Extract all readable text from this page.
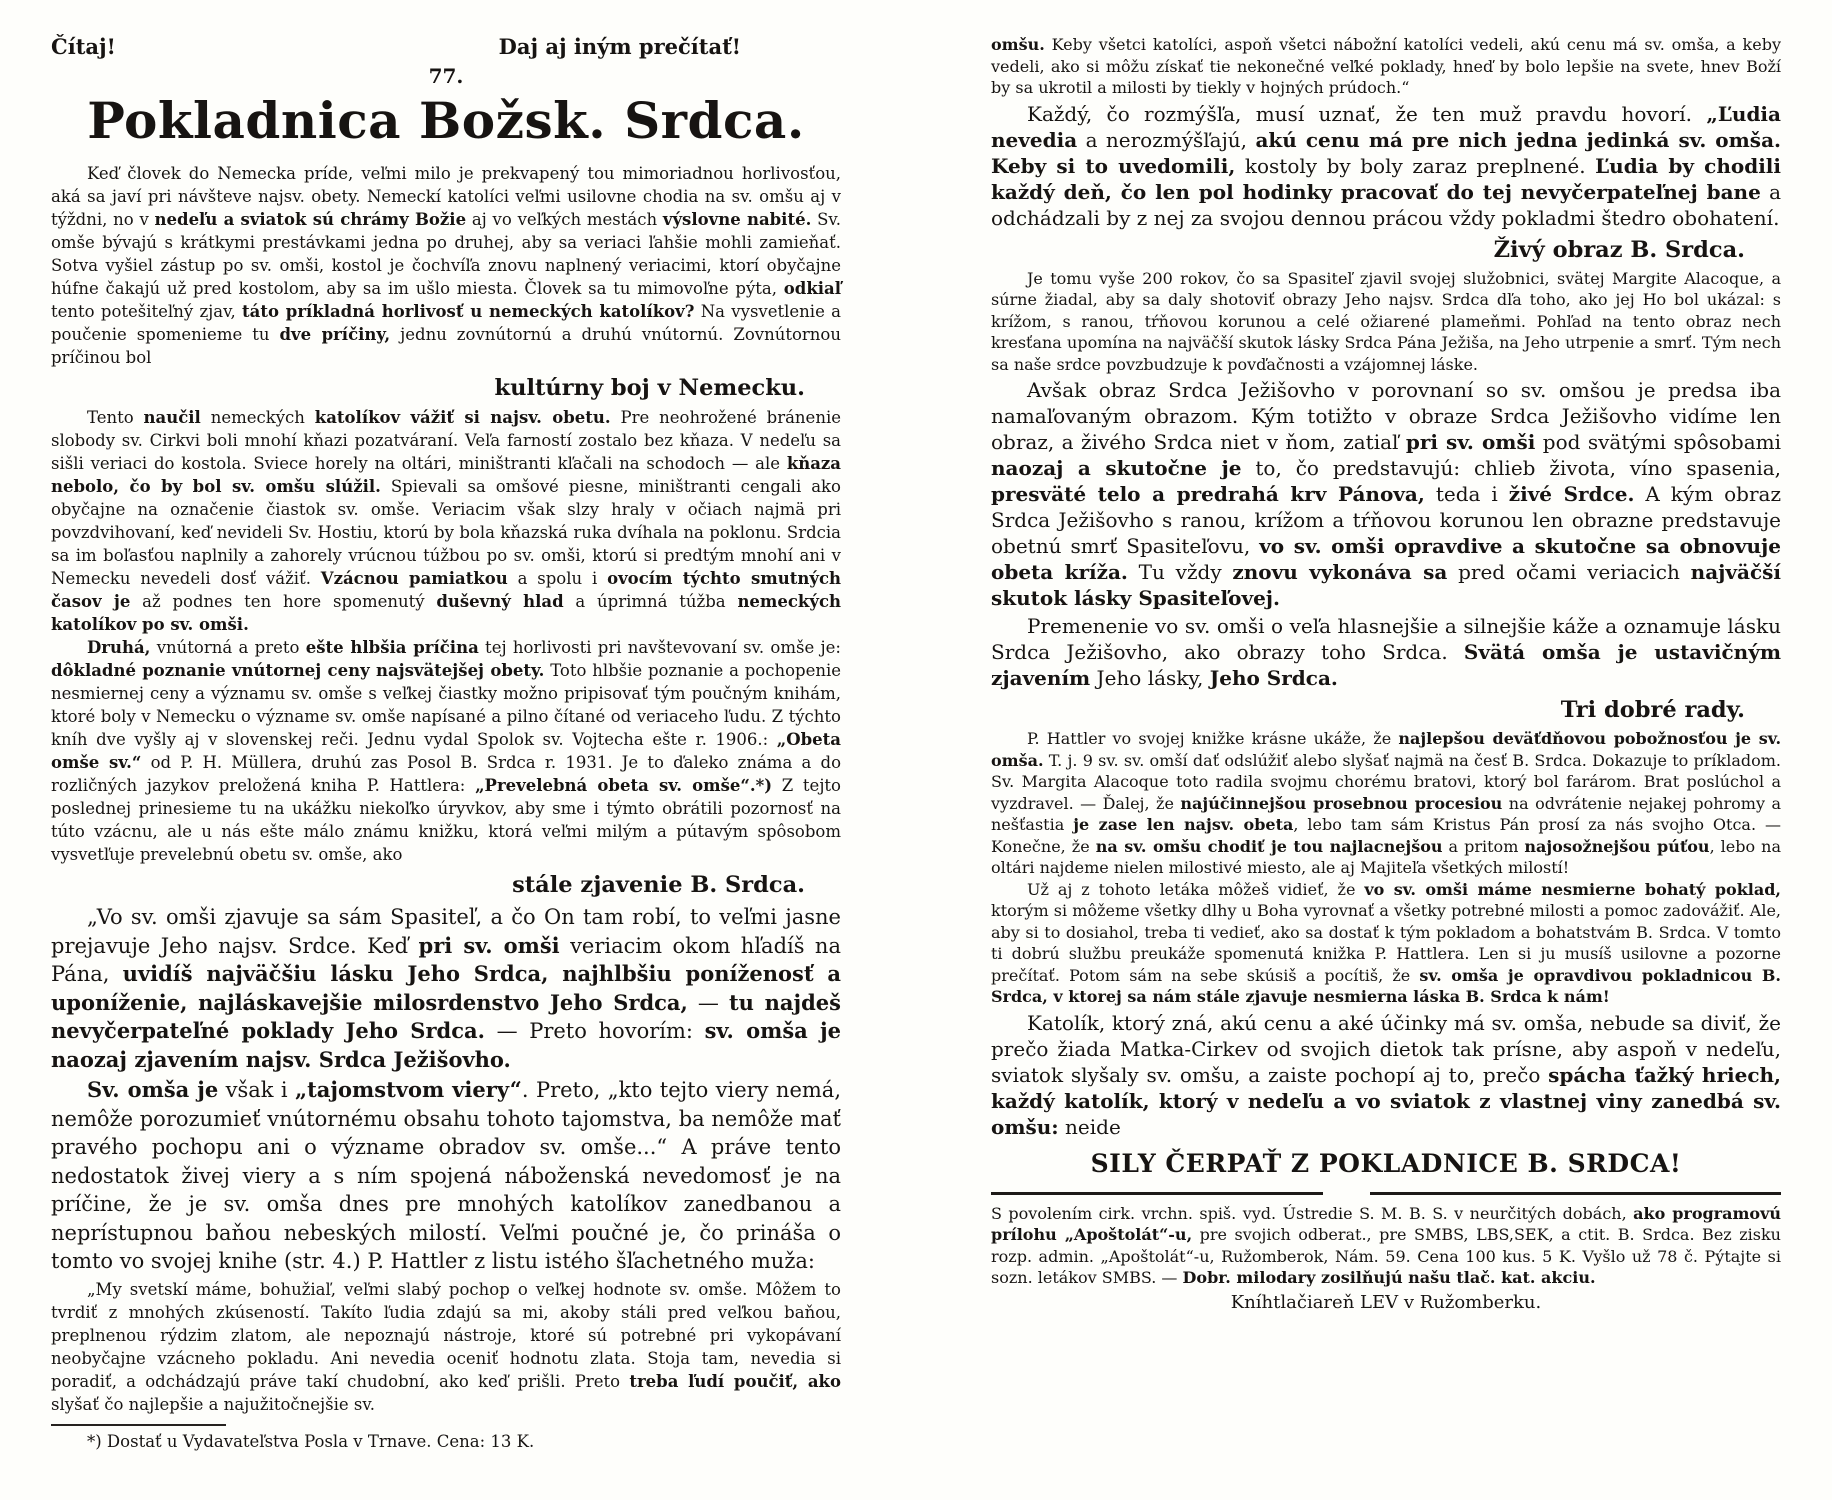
Čítaj!	Daj aj iným prečítať!
77.
Pokladnica Božsk. Srdca.

Keď človek do Nemecka príde, veľmi milo je prekvapený tou mimoriadnou horlivosťou, aká sa javí pri návšteve najsv. obety. Nemeckí katolíci veľmi usilovne chodia na sv. omšu aj v týždni, no v nedeľu a sviatok sú chrámy Božie aj vo veľkých mestách výslovne nabité. Sv. omše bývajú s krátkymi prestávkami jedna po druhej, aby sa veriaci ľahšie mohli zamieňať. Sotva vyšiel zástup po sv. omši, kostol je čochvíľa znovu naplnený veriacimi, ktorí obyčajne húfne čakajú už pred kostolom, aby sa im ušlo miesta. Človek sa tu mimovoľne pýta, odkiaľ tento potešiteľný zjav, táto príkladná horlivosť u nemeckých katolíkov? Na vysvetlenie a poučenie spomenieme tu dve príčiny, jednu zovnútornú a druhú vnútornú. Zovnútornou príčinou bol

kultúrny boj v Nemecku.

Tento naučil nemeckých katolíkov vážiť si najsv. obetu. Pre neohrožené bránenie slobody sv. Cirkvi boli mnohí kňazi pozatváraní. Veľa farností zostalo bez kňaza. V nedeľu sa sišli veriaci do kostola. Sviece horely na oltári, miništranti kľačali na schodoch — ale kňaza nebolo, čo by bol sv. omšu slúžil. Spievali sa omšové piesne, miništranti cengali ako obyčajne na označenie čiastok sv. omše. Veriacim však slzy hraly v očiach najmä pri povzdvihovaní, keď nevideli Sv. Hostiu, ktorú by bola kňazská ruka dvíhala na poklonu. Srdcia sa im boľasťou naplnily a zahorely vrúcnou túžbou po sv. omši, ktorú si predtým mnohí ani v Nemecku nevedeli dosť vážiť. Vzácnou pamiatkou a spolu i ovocím týchto smutných časov je až podnes ten hore spomenutý duševný hlad a úprimná túžba nemeckých katolíkov po sv. omši.

Druhá, vnútorná a preto ešte hlbšia príčina tej horlivosti pri navštevovaní sv. omše je: dôkladné poznanie vnútornej ceny najsvätejšej obety. Toto hlbšie poznanie a pochopenie nesmiernej ceny a významu sv. omše s veľkej čiastky možno pripisovať tým poučným knihám, ktoré boly v Nemecku o význame sv. omše napísané a pilno čítané od veriaceho ľudu. Z týchto kníh dve vyšly aj v slovenskej reči. Jednu vydal Spolok sv. Vojtecha ešte r. 1906.: „Obeta omše sv.“ od P. H. Müllera, druhú zas Posol B. Srdca r. 1931. Je to ďaleko známa a do rozličných jazykov preložená kniha P. Hattlera: „Prevelebná obeta sv. omše“.*) Z tejto poslednej prinesieme tu na ukážku niekoľko úryvkov, aby sme i týmto obrátili pozornosť na túto vzácnu, ale u nás ešte málo známu knižku, ktorá veľmi milým a pútavým spôsobom vysvetľuje prevelebnú obetu sv. omše, ako

stále zjavenie B. Srdca.

„Vo sv. omši zjavuje sa sám Spasiteľ, a čo On tam robí, to veľmi jasne prejavuje Jeho najsv. Srdce. Keď pri sv. omši veriacim okom hľadíš na Pána, uvidíš najväčšiu lásku Jeho Srdca, najhlbšiu poníženosť a uponíženie, najláskavejšie milosrdenstvo Jeho Srdca, — tu najdeš nevyčerpateľné poklady Jeho Srdca. — Preto hovorím: sv. omša je naozaj zjavením najsv. Srdca Ježišovho.

Sv. omša je však i „tajomstvom viery“. Preto, „kto tejto viery nemá, nemôže porozumieť vnútornému obsahu tohoto tajomstva, ba nemôže mať pravého pochopu ani o význame obradov sv. omše...“ A práve tento nedostatok živej viery a s ním spojená náboženská nevedomosť je na príčine, že je sv. omša dnes pre mnohých katolíkov zanedbanou a neprístupnou baňou nebeských milostí. Veľmi poučné je, čo prináša o tomto vo svojej knihe (str. 4.) P. Hattler z listu istého šľachetného muža:

„My svetskí máme, bohužiaľ, veľmi slabý pochop o veľkej hodnote sv. omše. Môžem to tvrdiť z mnohých zkúseností. Takíto ľudia zdajú sa mi, akoby stáli pred veľkou baňou, preplnenou rýdzim zlatom, ale nepoznajú nástroje, ktoré sú potrebné pri vykopávaní neobyčajne vzácneho pokladu. Ani nevedia oceniť hodnotu zlata. Stoja tam, nevedia si poradiť, a odchádzajú práve takí chudobní, ako keď prišli. Preto treba ľudí poučiť, ako slyšať čo najlepšie a najužitočnejšie sv.

*) Dostať u Vydavateľstva Posla v Trnave. Cena: 13 K.

omšu. Keby všetci katolíci, aspoň všetci nábožní katolíci vedeli, akú cenu má sv. omša, a keby vedeli, ako si môžu získať tie nekonečné veľké poklady, hneď by bolo lepšie na svete, hnev Boží by sa ukrotil a milosti by tiekly v hojných prúdoch.“

Každý, čo rozmýšľa, musí uznať, že ten muž pravdu hovorí. „Ľudia nevedia a nerozmýšľajú, akú cenu má pre nich jedna jedinká sv. omša. Keby si to uvedomili, kostoly by boly zaraz preplnené. Ľudia by chodili každý deň, čo len pol hodinky pracovať do tej nevyčerpateľnej bane a odchádzali by z nej za svojou dennou prácou vždy pokladmi štedro obohatení.

Živý obraz B. Srdca.

Je tomu vyše 200 rokov, čo sa Spasiteľ zjavil svojej služobnici, svätej Margite Alacoque, a súrne žiadal, aby sa daly shotoviť obrazy Jeho najsv. Srdca dľa toho, ako jej Ho bol ukázal: s krížom, s ranou, tŕňovou korunou a celé ožiarené plameňmi. Pohľad na tento obraz nech kresťana upomína na najväčší skutok lásky Srdca Pána Ježiša, na Jeho utrpenie a smrť. Tým nech sa naše srdce povzbudzuje k povďačnosti a vzájomnej láske.

Avšak obraz Srdca Ježišovho v porovnaní so sv. omšou je predsa iba namaľovaným obrazom. Kým totižto v obraze Srdca Ježišovho vidíme len obraz, a živého Srdca niet v ňom, zatiaľ pri sv. omši pod svätými spôsobami naozaj a skutočne je to, čo predstavujú: chlieb života, víno spasenia, presväté telo a predrahá krv Pánova, teda i živé Srdce. A kým obraz Srdca Ježišovho s ranou, krížom a tŕňovou korunou len obrazne predstavuje obetnú smrť Spasiteľovu, vo sv. omši opravdive a skutočne sa obnovuje obeta kríža. Tu vždy znovu vykonáva sa pred očami veriacich najväčší skutok lásky Spasiteľovej.

Premenenie vo sv. omši o veľa hlasnejšie a silnejšie káže a oznamuje lásku Srdca Ježišovho, ako obrazy toho Srdca. Svätá omša je ustavičným zjavením Jeho lásky, Jeho Srdca.

Tri dobré rady.

P. Hattler vo svojej knižke krásne ukáže, že najlepšou deväťdňovou pobožnosťou je sv. omša. T. j. 9 sv. sv. omší dať odslúžiť alebo slyšať najmä na česť B. Srdca. Dokazuje to príkladom. Sv. Margita Alacoque toto radila svojmu chorému bratovi, ktorý bol farárom. Brat poslúchol a vyzdravel. — Ďalej, že najúčinnejšou prosebnou procesiou na odvrátenie nejakej pohromy a nešťastia je zase len najsv. obeta, lebo tam sám Kristus Pán prosí za nás svojho Otca. — Konečne, že na sv. omšu chodiť je tou najlacnejšou a pritom najosožnejšou púťou, lebo na oltári najdeme nielen milostivé miesto, ale aj Majiteľa všetkých milostí!

Už aj z tohoto letáka môžeš vidieť, že vo sv. omši máme nesmierne bohatý poklad, ktorým si môžeme všetky dlhy u Boha vyrovnať a všetky potrebné milosti a pomoc zadovážiť. Ale, aby si to dosiahol, treba ti vedieť, ako sa dostať k tým pokladom a bohatstvám B. Srdca. V tomto ti dobrú službu preukáže spomenutá knižka P. Hattlera. Len si ju musíš usilovne a pozorne prečítať. Potom sám na sebe skúsiš a pocítiš, že sv. omša je opravdivou pokladnicou B. Srdca, v ktorej sa nám stále zjavuje nesmierna láska B. Srdca k nám!

Katolík, ktorý zná, akú cenu a aké účinky má sv. omša, nebude sa diviť, že prečo žiada Matka-Cirkev od svojich dietok tak prísne, aby aspoň v nedeľu, sviatok slyšaly sv. omšu, a zaiste pochopí aj to, prečo spácha ťažký hriech, každý katolík, ktorý v nedeľu a vo sviatok z vlastnej viny zanedbá sv. omšu: neide

SILY ČERPAŤ Z POKLADNICE B. SRDCA!

S povolením cirk. vrchn. spiš. vyd. Ústredie S. M. B. S. v neurčitých dobách, ako programovú prílohu „Apoštolát“-u, pre svojich odberat., pre SMBS, LBS,SEK, a ctit. B. Srdca. Bez zisku rozp. admin. „Apoštolát“-u, Ružomberok, Nám. 59. Cena 100 kus. 5 K. Vyšlo už 78 č. Pýtajte si sozn. letákov SMBS. — Dobr. milodary zosilňujú našu tlač. kat. akciu.

Kníhtlačiareň LEV v Ružomberku.
